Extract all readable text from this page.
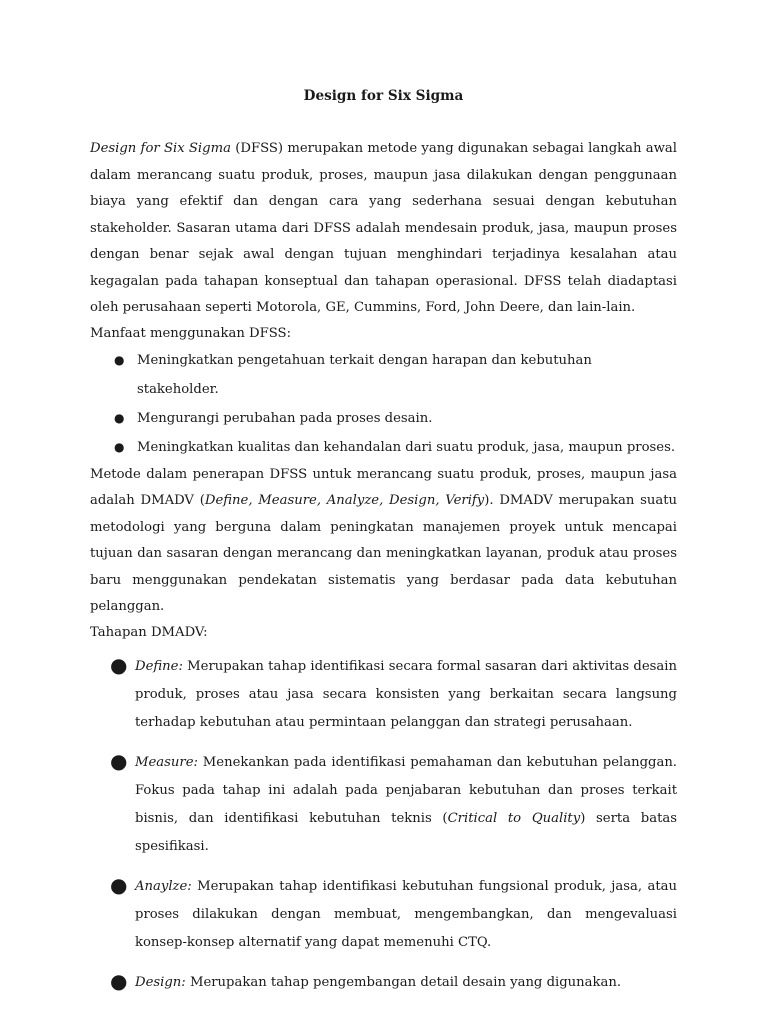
Design for Six Sigma

Design for Six Sigma (DFSS) merupakan metode yang digunakan sebagai langkah awal dalam merancang suatu produk, proses, maupun jasa dilakukan dengan penggunaan biaya yang efektif dan dengan cara yang sederhana sesuai dengan kebutuhan stakeholder. Sasaran utama dari DFSS adalah mendesain produk, jasa, maupun proses dengan benar sejak awal dengan tujuan menghindari terjadinya kesalahan atau kegagalan pada tahapan konseptual dan tahapan operasional. DFSS telah diadaptasi oleh perusahaan seperti Motorola, GE, Cummins, Ford, John Deere, dan lain-lain.

Manfaat menggunakan DFSS:

● Meningkatkan pengetahuan terkait dengan harapan dan kebutuhan stakeholder.
● Mengurangi perubahan pada proses desain.
● Meningkatkan kualitas dan kehandalan dari suatu produk, jasa, maupun proses.

Metode dalam penerapan DFSS untuk merancang suatu produk, proses, maupun jasa adalah DMADV (Define, Measure, Analyze, Design, Verify). DMADV merupakan suatu metodologi yang berguna dalam peningkatan manajemen proyek untuk mencapai tujuan dan sasaran dengan merancang dan meningkatkan layanan, produk atau proses baru menggunakan pendekatan sistematis yang berdasar pada data kebutuhan pelanggan.

Tahapan DMADV:

● Define: Merupakan tahap identifikasi secara formal sasaran dari aktivitas desain produk, proses atau jasa secara konsisten yang berkaitan secara langsung terhadap kebutuhan atau permintaan pelanggan dan strategi perusahaan.
● Measure: Menekankan pada identifikasi pemahaman dan kebutuhan pelanggan. Fokus pada tahap ini adalah pada penjabaran kebutuhan dan proses terkait bisnis, dan identifikasi kebutuhan teknis (Critical to Quality) serta batas spesifikasi.
● Anaylze: Merupakan tahap identifikasi kebutuhan fungsional produk, jasa, atau proses dilakukan dengan membuat, mengembangkan, dan mengevaluasi konsep-konsep alternatif yang dapat memenuhi CTQ.
● Design: Merupakan tahap pengembangan detail desain yang digunakan.
